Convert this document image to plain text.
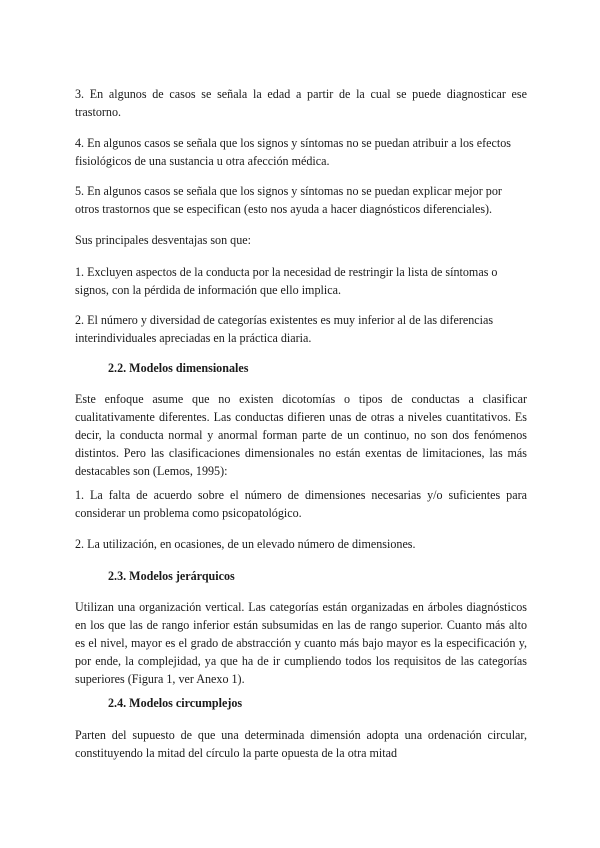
3. En algunos de casos se señala la edad a partir de la cual se puede diagnosticar ese trastorno.

4. En algunos casos se señala que los signos y síntomas no se puedan atribuir a los efectos fisiológicos de una sustancia u otra afección médica.

5. En algunos casos se señala que los signos y síntomas no se puedan explicar mejor por otros trastornos que se especifican (esto nos ayuda a hacer diagnósticos diferenciales).

Sus principales desventajas son que:

1. Excluyen aspectos de la conducta por la necesidad de restringir la lista de síntomas o signos, con la pérdida de información que ello implica.

2. El número y diversidad de categorías existentes es muy inferior al de las diferencias interindividuales apreciadas en la práctica diaria.

2.2. Modelos dimensionales

Este enfoque asume que no existen dicotomías o tipos de conductas a clasificar cualitativamente diferentes. Las conductas difieren unas de otras a niveles cuantitativos. Es decir, la conducta normal y anormal forman parte de un continuo, no son dos fenómenos distintos. Pero las clasificaciones dimensionales no están exentas de limitaciones, las más destacables son (Lemos, 1995):

1. La falta de acuerdo sobre el número de dimensiones necesarias y/o suficientes para considerar un problema como psicopatológico.

2. La utilización, en ocasiones, de un elevado número de dimensiones.

2.3. Modelos jerárquicos

Utilizan una organización vertical. Las categorías están organizadas en árboles diagnósticos en los que las de rango inferior están subsumidas en las de rango superior. Cuanto más alto es el nivel, mayor es el grado de abstracción y cuanto más bajo mayor es la especificación y, por ende, la complejidad, ya que ha de ir cumpliendo todos los requisitos de las categorías superiores (Figura 1, ver Anexo 1).

2.4. Modelos circumplejos

Parten del supuesto de que una determinada dimensión adopta una ordenación circular, constituyendo la mitad del círculo la parte opuesta de la otra mitad
